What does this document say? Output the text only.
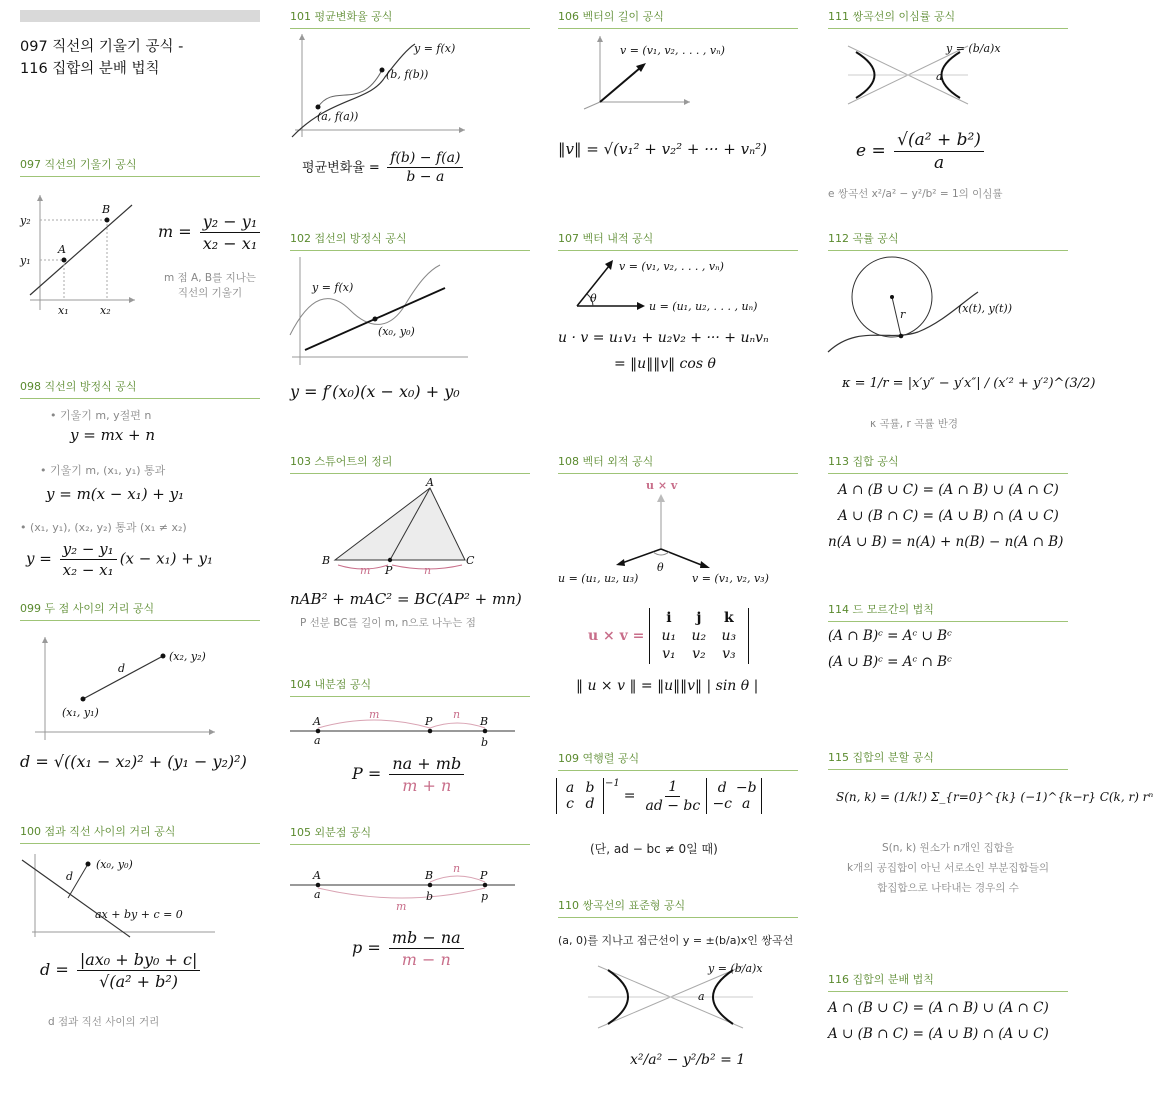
097 직선의 기울기 공식 -
116 집합의 분배 법칙
097 직선의 기울기 공식
A
B
y₂
y₁
x₁	x₂
$m = \frac{\text{y₂ − y₁}}{\text{x₂ − x₁}}$
m 점 A, B를 지나는
직선의 기울기
098 직선의 방정식 공식
• 기울기 m, y절편 n
y = mx + n
• 기울기 m, (x₁, y₁) 통과
y = m(x − x₁) + y₁
• (x₁, y₁), (x₂, y₂) 통과 (x₁ ≠ x₂)
$y = \frac{\text{y₂ − y₁}}{\text{x₂ − x₁}} (x - x_1) + y_1$
099 두 점 사이의 거리 공식
(x₂, y₂)
(x₁, y₁)
d
d = √((x₁ − x₂)² + (y₁ − y₂)²)
100 점과 직선 사이의 거리 공식
(x₀, y₀)
d
ax + by + c = 0
$d = \frac{\text{|ax₀ + by₀ + c|}}{\text{√(a² + b²)}}$
d 점과 직선 사이의 거리
101 평균변화율 공식
y = f(x)
(b, f(b))
(a, f(a))
평균변화율 = $\frac{f(b) - f(a)}{b - a}$
102 접선의 방정식 공식
y = f(x)
(x₀, y₀)
y = f′(x₀)(x − x₀) + y₀
103 스튜어트의 정리
A
B	C
P
m	n
nAB² + mAC² = BC(AP² + mn)
P 선분 BC를 길이 m, n으로 나누는 점
104 내분점 공식
A	P	B
a	b
m	n
$P = \frac{na + mb}{m + n}$
105 외분점 공식
A	B	P
a	b	p
m
n
$p = \frac{mb - na}{m - n}$
106 벡터의 길이 공식
v = (v₁, v₂, . . . , vₙ)
‖v‖ = √(v₁² + v₂² + ··· + vₙ²)
107 벡터 내적 공식
θ
v = (v₁, v₂, . . . , vₙ)
u = (u₁, u₂, . . . , uₙ)
u · v = u₁v₁ + u₂v₂ + ··· + uₙvₙ
= ‖u‖‖v‖ cos θ
108 벡터 외적 공식
u × v
θ
u = (u₁, u₂, u₃)	v = (v₁, v₂, v₃)
u × v =
i	j	k
u₁	u₂	u₃
v₁	v₂	v₃
‖ u × v ‖ = ‖u‖‖v‖ | sin θ |
109 역행렬 공식
a b
c d
$^{-1}$
= $\frac{1}{ad - bc}$	d −b
−c a
(단, ad − bc ≠ 0일 때)
110 쌍곡선의 표준형 공식
(a, 0)를 지나고 점근선이 y = ±(b/a)x인 쌍곡선
y = (b/a)x
a
x²/a² − y²/b² = 1
111 쌍곡선의 이심률 공식
y = (b/a)x
a
$e = \frac{\text{√(a² + b²)}}{a}$
e 쌍곡선 x²/a² − y²/b² = 1의 이심률
112 곡률 공식
r	(x(t), y(t))
κ = 1/r = |x′y″ − y′x″| / (x′² + y′²)^(3/2)
κ 곡률, r 곡률 반경
113 집합 공식
A ∩ (B ∪ C) = (A ∩ B) ∪ (A ∩ C)
A ∪ (B ∩ C) = (A ∪ B) ∩ (A ∪ C)
n(A ∪ B) = n(A) + n(B) − n(A ∩ B)
114 드 모르간의 법칙
(A ∩ B)ᶜ = Aᶜ ∪ Bᶜ
(A ∪ B)ᶜ = Aᶜ ∩ Bᶜ
115 집합의 분할 공식
S(n, k) = (1/k!) Σ_{r=0}^{k} (−1)^{k−r} C(k, r) rⁿ
S(n, k) 원소가 n개인 집합을
k개의 공집합이 아닌 서로소인 부분집합들의
합집합으로 나타내는 경우의 수
116 집합의 분배 법칙
A ∩ (B ∪ C) = (A ∩ B) ∪ (A ∩ C)
A ∪ (B ∩ C) = (A ∪ B) ∩ (A ∪ C)
